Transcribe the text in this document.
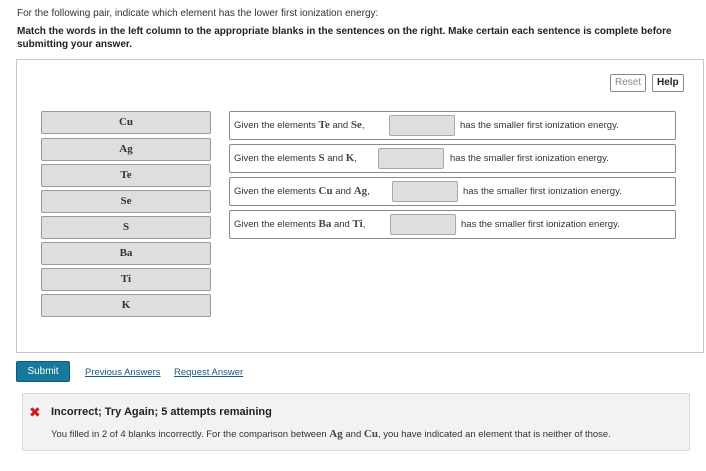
For the following pair, indicate which element has the lower first ionization energy:
Match the words in the left column to the appropriate blanks in the sentences on the right. Make certain each sentence is complete before submitting your answer.
Reset	Help
Cu
Ag
Te
Se
S
Ba
Ti
K
Given the elements Te and Se,	has the smaller first ionization energy.
Given the elements S and K,	has the smaller first ionization energy.
Given the elements Cu and Ag,	has the smaller first ionization energy.
Given the elements Ba and Ti,	has the smaller first ionization energy.
Submit	Previous Answers Request Answer
✖ Incorrect; Try Again; 5 attempts remaining
You filled in 2 of 4 blanks incorrectly. For the comparison between Ag and Cu, you have indicated an element that is neither of those.
